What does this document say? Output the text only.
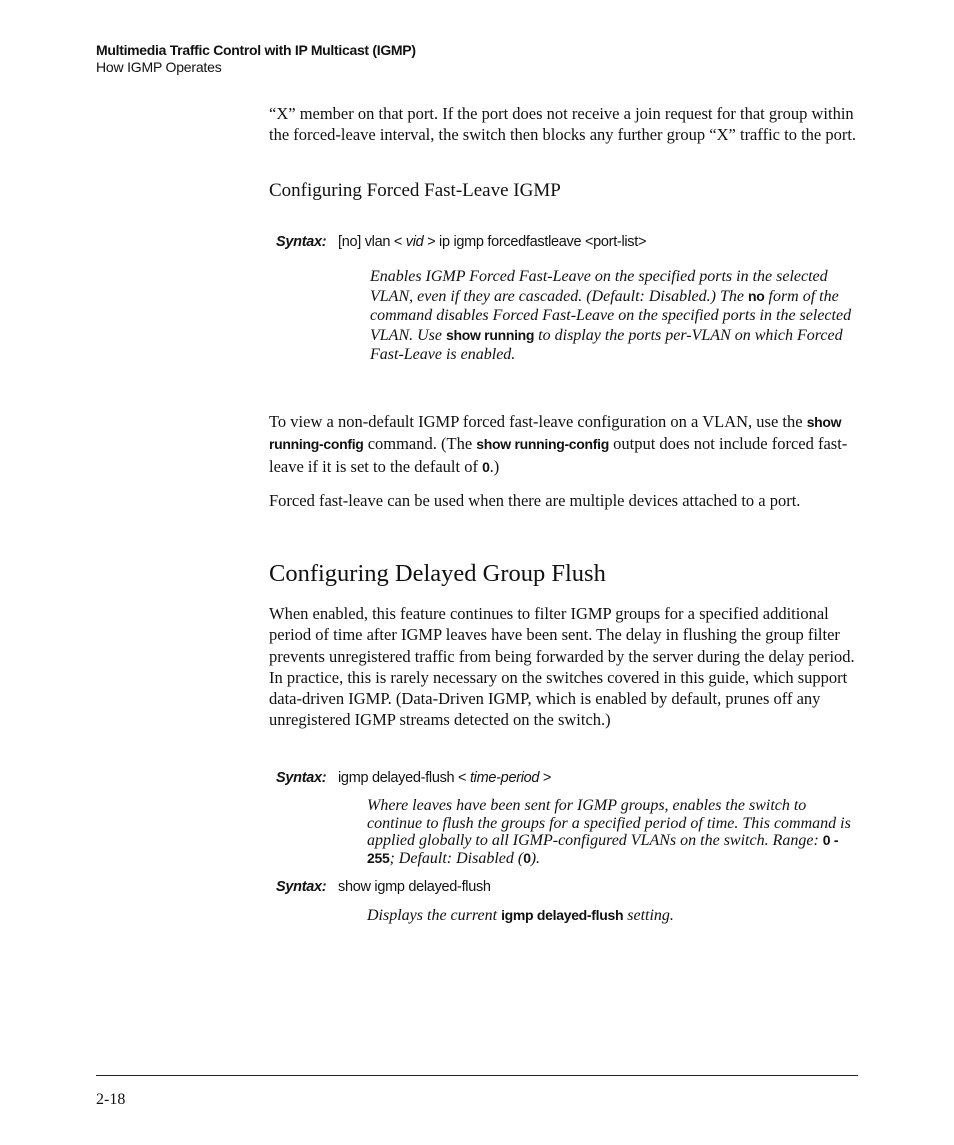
Multimedia Traffic Control with IP Multicast (IGMP)
How IGMP Operates
“X” member on that port. If the port does not receive a join request for that group within the forced-leave interval, the switch then blocks any further group “X” traffic to the port.
Configuring Forced Fast-Leave IGMP
Syntax: [no] vlan < vid > ip igmp forcedfastleave <port-list>
Enables IGMP Forced Fast-Leave on the specified ports in the selected VLAN, even if they are cascaded. (Default: Disabled.) The no form of the command disables Forced Fast-Leave on the specified ports in the selected VLAN. Use show running to display the ports per-VLAN on which Forced Fast-Leave is enabled.
To view a non-default IGMP forced fast-leave configuration on a VLAN, use the show running-config command. (The show running-config output does not include forced fast-leave if it is set to the default of 0.)
Forced fast-leave can be used when there are multiple devices attached to a port.
Configuring Delayed Group Flush
When enabled, this feature continues to filter IGMP groups for a specified additional period of time after IGMP leaves have been sent. The delay in flushing the group filter prevents unregistered traffic from being forwarded by the server during the delay period. In practice, this is rarely necessary on the switches covered in this guide, which support data-driven IGMP. (Data-Driven IGMP, which is enabled by default, prunes off any unregistered IGMP streams detected on the switch.)
Syntax: igmp delayed-flush < time-period >
Where leaves have been sent for IGMP groups, enables the switch to continue to flush the groups for a specified period of time. This command is applied globally to all IGMP-configured VLANs on the switch. Range: 0 - 255; Default: Disabled (0).
Syntax: show igmp delayed-flush
Displays the current igmp delayed-flush setting.
2-18
